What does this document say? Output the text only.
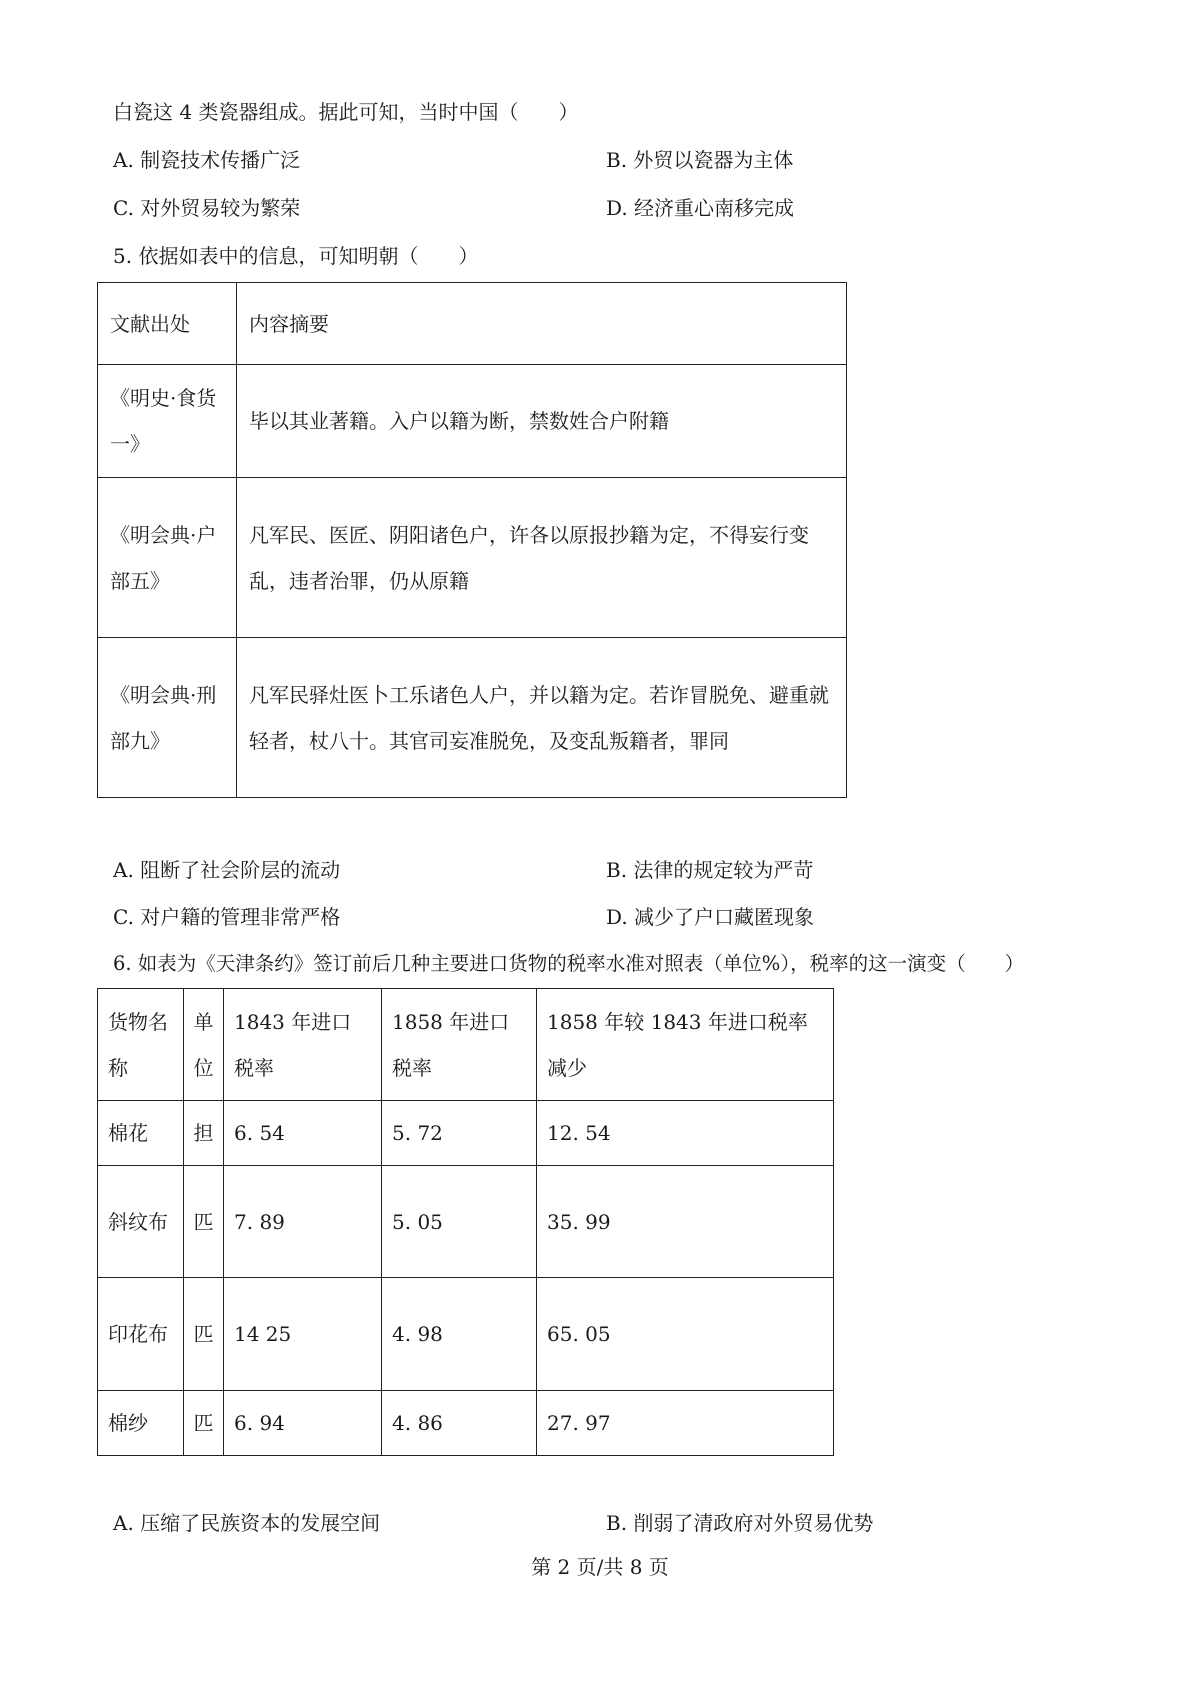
白瓷这 4 类瓷器组成。据此可知，当时中国（　　）
A. 制瓷技术传播广泛	B. 外贸以瓷器为主体
C. 对外贸易较为繁荣	D. 经济重心南移完成
5. 依据如表中的信息，可知明朝（　　）
文献出处	内容摘要
《明史·食货一》	毕以其业著籍。入户以籍为断，禁数姓合户附籍
《明会典·户部五》	凡军民、医匠、阴阳诸色户，许各以原报抄籍为定，不得妄行变乱，违者治罪，仍从原籍
《明会典·刑部九》	凡军民驿灶医卜工乐诸色人户，并以籍为定。若诈冒脱免、避重就轻者，杖八十。其官司妄准脱免，及变乱叛籍者，罪同
A. 阻断了社会阶层的流动	B. 法律的规定较为严苛
C. 对户籍的管理非常严格	D. 减少了户口藏匿现象
6. 如表为《天津条约》签订前后几种主要进口货物的税率水准对照表（单位%），税率的这一演变（　　）
货物名称	单位	1843 年进口税率	1858 年进口税率	1858 年较 1843 年进口税率减少
棉花	担	6. 54	5. 72	12. 54
斜纹布	匹	7. 89	5. 05	35. 99
印花布	匹	14 25	4. 98	65. 05
棉纱	匹	6. 94	4. 86	27. 97
A. 压缩了民族资本的发展空间	B. 削弱了清政府对外贸易优势
第 2 页/共 8 页
